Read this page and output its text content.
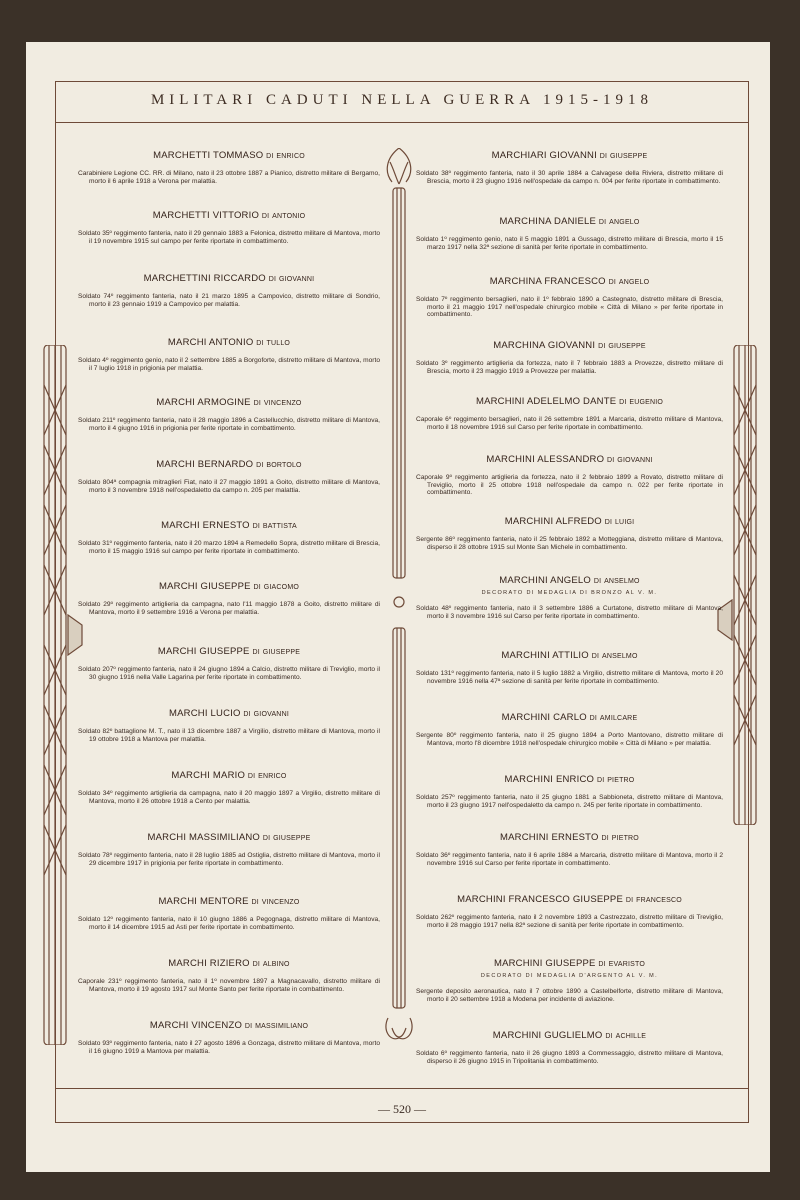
MILITARI CADUTI NELLA GUERRA 1915-1918
MARCHETTI TOMMASO DI ENRICO
Carabiniere Legione CC. RR. di Milano, nato il 23 ottobre 1887 a Pianico, distretto militare di Bergamo, morto il 6 aprile 1918 a Verona per malattia.
MARCHETTI VITTORIO DI ANTONIO
Soldato 35º reggimento fanteria, nato il 29 gennaio 1883 a Felonica, distretto militare di Mantova, morto il 19 novembre 1915 sul campo per ferite riportate in combattimento.
MARCHETTINI RICCARDO DI GIOVANNI
Soldato 74º reggimento fanteria, nato il 21 marzo 1895 a Campovico, distretto militare di Sondrio, morto il 23 gennaio 1919 a Campovico per malattia.
MARCHI ANTONIO DI TULLO
Soldato 4º reggimento genio, nato il 2 settembre 1885 a Borgoforte, distretto militare di Mantova, morto il 7 luglio 1918 in prigionia per malattia.
MARCHI ARMOGINE DI VINCENZO
Soldato 211º reggimento fanteria, nato il 28 maggio 1896 a Castellucchio, distretto militare di Mantova, morto il 4 giugno 1916 in prigionia per ferite riportate in combattimento.
MARCHI BERNARDO DI BORTOLO
Soldato 804ª compagnia mitraglieri Fiat, nato il 27 maggio 1891 a Goito, distretto militare di Mantova, morto il 3 novembre 1918 nell'ospedaletto da campo n. 205 per malattia.
MARCHI ERNESTO DI BATTISTA
Soldato 31º reggimento fanteria, nato il 20 marzo 1894 a Remedello Sopra, distretto militare di Brescia, morto il 15 maggio 1916 sul campo per ferite riportate in combattimento.
MARCHI GIUSEPPE DI GIACOMO
Soldato 29º reggimento artiglieria da campagna, nato l'11 maggio 1878 a Goito, distretto militare di Mantova, morto il 9 settembre 1916 a Verona per malattia.
MARCHI GIUSEPPE DI GIUSEPPE
Soldato 207º reggimento fanteria, nato il 24 giugno 1894 a Calcio, distretto militare di Treviglio, morto il 30 giugno 1916 nella Valle Lagarina per ferite riportate in combattimento.
MARCHI LUCIO DI GIOVANNI
Soldato 82º battaglione M. T., nato il 13 dicembre 1887 a Virgilio, distretto militare di Mantova, morto il 19 ottobre 1918 a Mantova per malattia.
MARCHI MARIO DI ENRICO
Soldato 34º reggimento artiglieria da campagna, nato il 20 maggio 1897 a Virgilio, distretto militare di Mantova, morto il 26 ottobre 1918 a Cento per malattia.
MARCHI MASSIMILIANO DI GIUSEPPE
Soldato 78º reggimento fanteria, nato il 28 luglio 1885 ad Ostiglia, distretto militare di Mantova, morto il 29 dicembre 1917 in prigionia per ferite riportate in combattimento.
MARCHI MENTORE DI VINCENZO
Soldato 12º reggimento fanteria, nato il 10 giugno 1886 a Pegognaga, distretto militare di Mantova, morto il 14 dicembre 1915 ad Asti per ferite riportate in combattimento.
MARCHI RIZIERO DI ALBINO
Caporale 231º reggimento fanteria, nato il 1º novembre 1897 a Magnacavallo, distretto militare di Mantova, morto il 19 agosto 1917 sul Monte Santo per ferite riportate in combattimento.
MARCHI VINCENZO DI MASSIMILIANO
Soldato 93º reggimento fanteria, nato il 27 agosto 1896 a Gonzaga, distretto militare di Mantova, morto il 16 giugno 1919 a Mantova per malattia.
MARCHIARI GIOVANNI DI GIUSEPPE
Soldato 38º reggimento fanteria, nato il 30 aprile 1884 a Calvagese della Riviera, distretto militare di Brescia, morto il 23 giugno 1916 nell'ospedale da campo n. 004 per ferite riportate in combattimento.
MARCHINA DANIELE DI ANGELO
Soldato 1º reggimento genio, nato il 5 maggio 1891 a Gussago, distretto militare di Brescia, morto il 15 marzo 1917 nella 32ª sezione di sanità per ferite riportate in combattimento.
MARCHINA FRANCESCO DI ANGELO
Soldato 7º reggimento bersaglieri, nato il 1º febbraio 1890 a Castegnato, distretto militare di Brescia, morto il 21 maggio 1917 nell'ospedale chirurgico mobile « Città di Milano » per ferite riportate in combattimento.
MARCHINA GIOVANNI DI GIUSEPPE
Soldato 3º reggimento artiglieria da fortezza, nato il 7 febbraio 1883 a Provezze, distretto militare di Brescia, morto il 23 maggio 1919 a Provezze per malattia.
MARCHINI ADELELMO DANTE DI EUGENIO
Caporale 6º reggimento bersaglieri, nato il 26 settembre 1891 a Marcaria, distretto militare di Mantova, morto il 18 novembre 1916 sul Carso per ferite riportate in combattimento.
MARCHINI ALESSANDRO DI GIOVANNI
Caporale 9º reggimento artiglieria da fortezza, nato il 2 febbraio 1899 a Rovato, distretto militare di Treviglio, morto il 25 ottobre 1918 nell'ospedale da campo n. 022 per ferite riportate in combattimento.
MARCHINI ALFREDO DI LUIGI
Sergente 86º reggimento fanteria, nato il 25 febbraio 1892 a Motteggiana, distretto militare di Mantova, disperso il 28 ottobre 1915 sul Monte San Michele in combattimento.
MARCHINI ANGELO DI ANSELMO
DECORATO DI MEDAGLIA DI BRONZO AL V. M.
Soldato 48º reggimento fanteria, nato il 3 settembre 1886 a Curtatone, distretto militare di Mantova, morto il 3 novembre 1916 sul Carso per ferite riportate in combattimento.
MARCHINI ATTILIO DI ANSELMO
Soldato 131º reggimento fanteria, nato il 5 luglio 1882 a Virgilio, distretto militare di Mantova, morto il 20 novembre 1916 nella 47ª sezione di sanità per ferite riportate in combattimento.
MARCHINI CARLO DI AMILCARE
Sergente 80º reggimento fanteria, nato il 25 giugno 1894 a Porto Mantovano, distretto militare di Mantova, morto l'8 dicembre 1918 nell'ospedale chirurgico mobile « Città di Milano » per malattia.
MARCHINI ENRICO DI PIETRO
Soldato 257º reggimento fanteria, nato il 25 giugno 1881 a Sabbioneta, distretto militare di Mantova, morto il 23 giugno 1917 nell'ospedaletto da campo n. 245 per ferite riportate in combattimento.
MARCHINI ERNESTO DI PIETRO
Soldato 36º reggimento fanteria, nato il 6 aprile 1884 a Marcaria, distretto militare di Mantova, morto il 2 novembre 1916 sul Carso per ferite riportate in combattimento.
MARCHINI FRANCESCO GIUSEPPE DI FRANCESCO
Soldato 262º reggimento fanteria, nato il 2 novembre 1893 a Castrezzato, distretto militare di Treviglio, morto il 28 maggio 1917 nella 82ª sezione di sanità per ferite riportate in combattimento.
MARCHINI GIUSEPPE DI EVARISTO
DECORATO DI MEDAGLIA D'ARGENTO AL V. M.
Sergente deposito aeronautica, nato il 7 ottobre 1890 a Castelbelforte, distretto militare di Mantova, morto il 20 settembre 1918 a Modena per incidente di aviazione.
MARCHINI GUGLIELMO DI ACHILLE
Soldato 6º reggimento fanteria, nato il 26 giugno 1893 a Commessaggio, distretto militare di Mantova, disperso il 26 giugno 1915 in Tripolitania in combattimento.
— 520 —
